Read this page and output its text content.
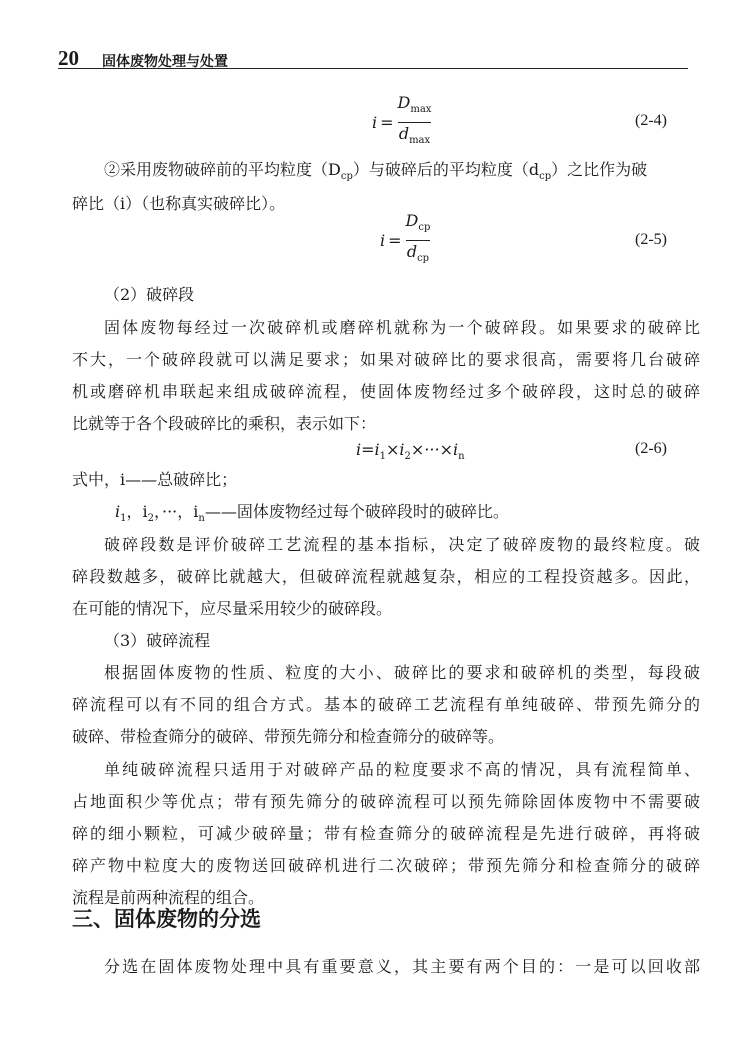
20 固体废物处理与处置
$i = \frac{D_{max}}{d_{max}}$	(2-4)
②采用废物破碎前的平均粒度$(D_{cp})$与破碎后的平均粒度$(d_{cp})$之比作为破
碎比（i）（也称真实破碎比）。
$i = \frac{D_{cp}}{d_{cp}}$	(2-5)
（2）破碎段
固体废物每经过一次破碎机或磨碎机就称为一个破碎段。如果要求的破碎比
不大，一个破碎段就可以满足要求；如果对破碎比的要求很高，需要将几台破碎
机或磨碎机串联起来组成破碎流程，使固体废物经过多个破碎段，这时总的破碎
比就等于各个段破碎比的乘积，表示如下：
$i=i_1\times i_2\times\cdot\cdot\cdot\times i_n$	(2-6)
式中，i——总破碎比；
$i_1$，$i_2$，···，$i_n——$固体废物经过每个破碎段时的破碎比。
破碎段数是评价破碎工艺流程的基本指标，决定了破碎废物的最终粒度。破
碎段数越多，破碎比就越大，但破碎流程就越复杂，相应的工程投资越多。因此，
在可能的情况下，应尽量采用较少的破碎段。
（3）破碎流程
根据固体废物的性质、粒度的大小、破碎比的要求和破碎机的类型，每段破
碎流程可以有不同的组合方式。基本的破碎工艺流程有单纯破碎、带预先筛分的
破碎、带检查筛分的破碎、带预先筛分和检查筛分的破碎等。
单纯破碎流程只适用于对破碎产品的粒度要求不高的情况，具有流程简单、
占地面积少等优点；带有预先筛分的破碎流程可以预先筛除固体废物中不需要破
碎的细小颗粒，可减少破碎量；带有检查筛分的破碎流程是先进行破碎，再将破
碎产物中粒度大的废物送回破碎机进行二次破碎；带预先筛分和检查筛分的破碎
流程是前两种流程的组合。
三、固体废物的分选
分选在固体废物处理中具有重要意义，其主要有两个目的：一是可以回收部
